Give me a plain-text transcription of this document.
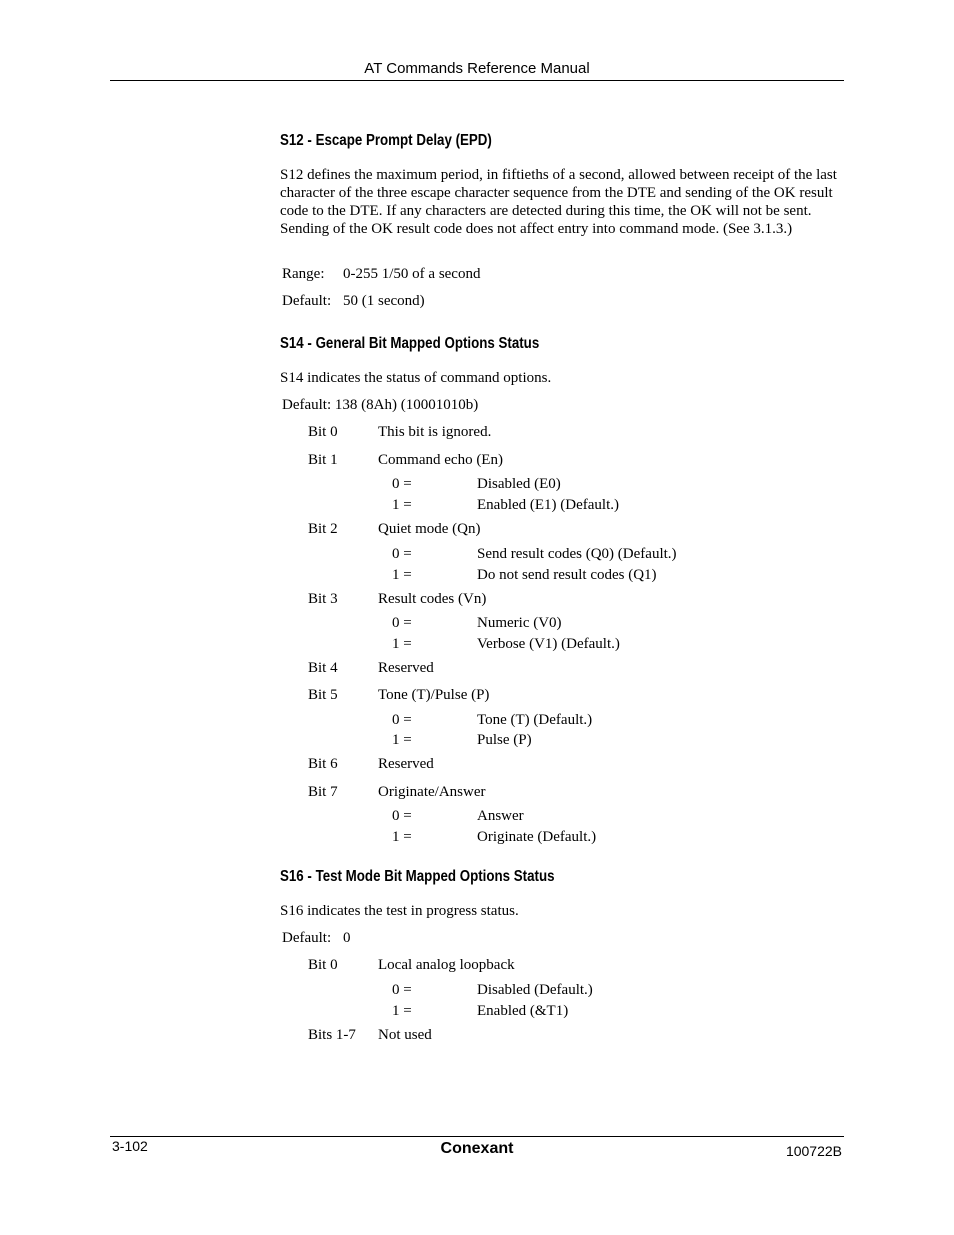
AT Commands Reference Manual
S12 - Escape Prompt Delay (EPD)
S12 defines the maximum period, in fiftieths of a second, allowed between receipt of the last character of the three escape character sequence from the DTE and sending of the OK result code to the DTE. If any characters are detected during this time, the OK will not be sent. Sending of the OK result code does not affect entry into command mode. (See 3.1.3.)
Range: 0-255 1/50 of a second
Default: 50 (1 second)
S14 - General Bit Mapped Options Status
S14 indicates the status of command options.
Default: 138 (8Ah) (10001010b)
Bit 0	This bit is ignored.
Bit 1	Command echo (En)
0 =	Disabled (E0)
1 =	Enabled (E1) (Default.)
Bit 2	Quiet mode (Qn)
0 =	Send result codes (Q0) (Default.)
1 =	Do not send result codes (Q1)
Bit 3	Result codes (Vn)
0 =	Numeric (V0)
1 =	Verbose (V1) (Default.)
Bit 4	Reserved
Bit 5	Tone (T)/Pulse (P)
0 =	Tone (T) (Default.)
1 =	Pulse (P)
Bit 6	Reserved
Bit 7	Originate/Answer
0 =	Answer
1 =	Originate (Default.)
S16 - Test Mode Bit Mapped Options Status
S16 indicates the test in progress status.
Default: 0
Bit 0	Local analog loopback
0 =	Disabled (Default.)
1 =	Enabled (&T1)
Bits 1-7 Not used
3-102	Conexant	100722B
